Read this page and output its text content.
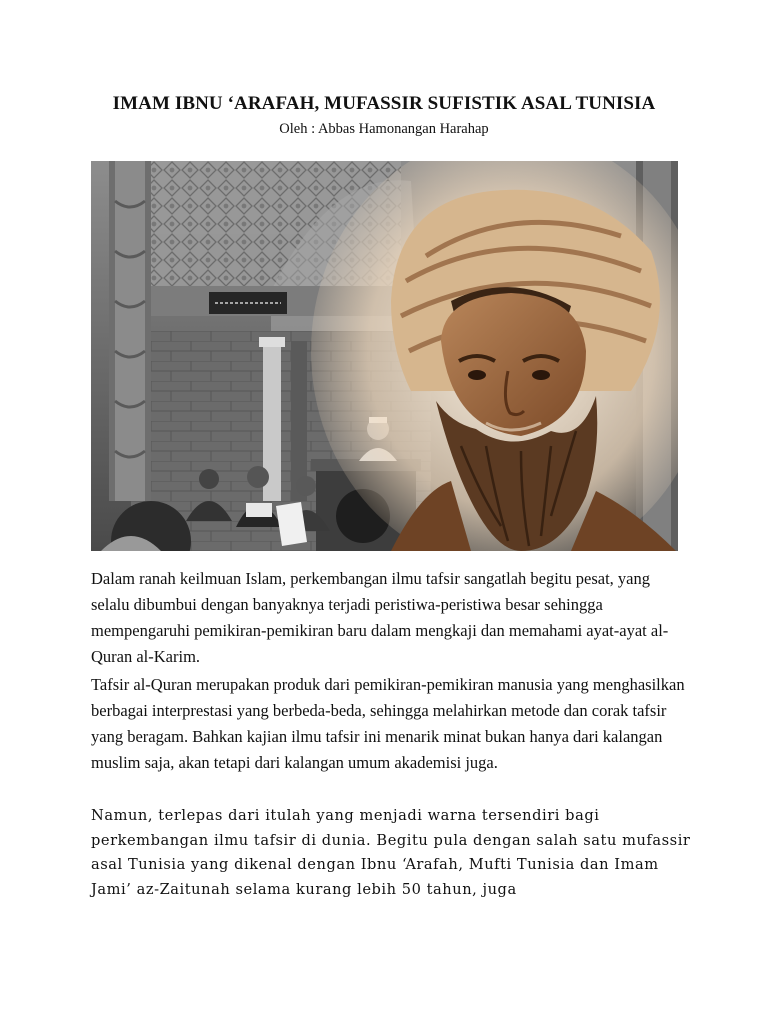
IMAM IBNU ‘ARAFAH, MUFASSIR SUFISTIK ASAL TUNISIA
Oleh : Abbas Hamonangan Harahap

Dalam ranah keilmuan Islam, perkembangan ilmu tafsir sangatlah begitu pesat, yang selalu dibumbui dengan banyaknya terjadi peristiwa-peristiwa besar sehingga mempengaruhi pemikiran-pemikiran baru dalam mengkaji dan memahami ayat-ayat al-Quran al-Karim.

Tafsir al-Quran merupakan produk dari pemikiran-pemikiran manusia yang menghasilkan berbagai interprestasi yang berbeda-beda, sehingga melahirkan metode dan corak tafsir yang beragam. Bahkan kajian ilmu tafsir ini menarik minat bukan hanya dari kalangan muslim saja, akan tetapi dari kalangan umum akademisi juga.

Namun, terlepas dari itulah yang menjadi warna tersendiri bagi perkembangan ilmu tafsir di dunia. Begitu pula dengan salah satu mufassir asal Tunisia yang dikenal dengan Ibnu ‘Arafah, Mufti Tunisia dan Imam Jami’ az-Zaitunah selama kurang lebih 50 tahun, juga
